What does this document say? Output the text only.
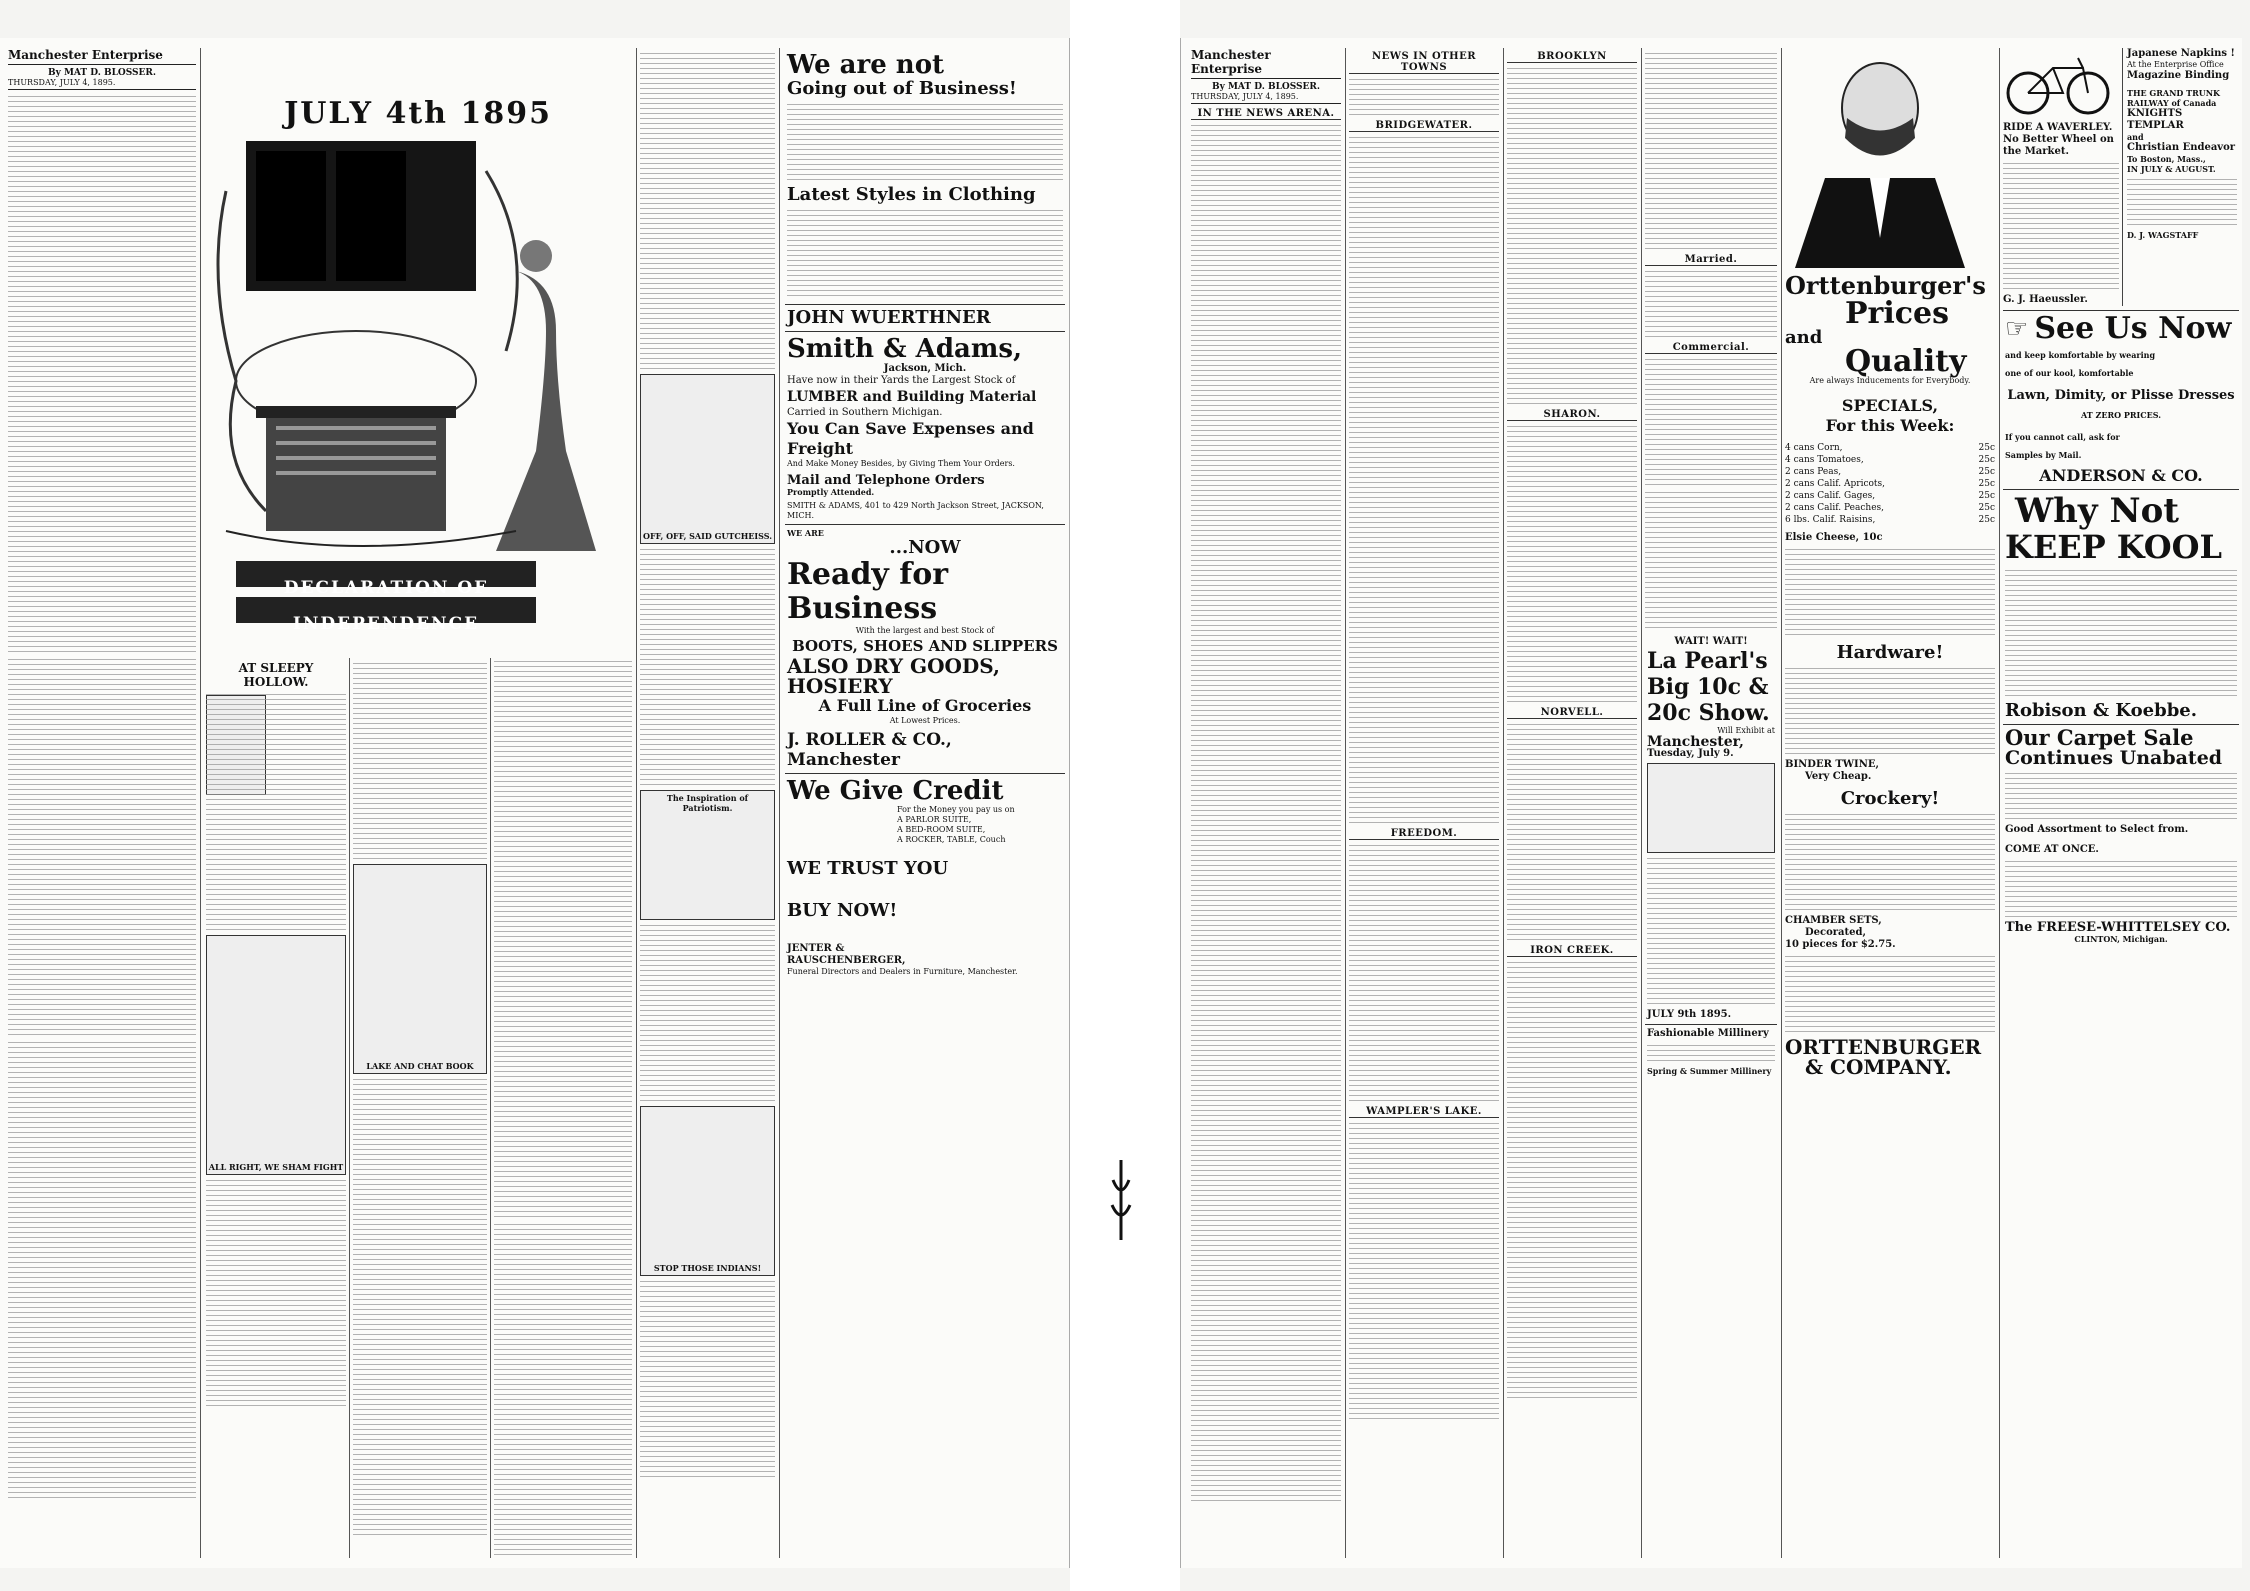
Manchester Enterprise
By MAT D. BLOSSER.
THURSDAY, JULY 4, 1895.
JULY 4th 1895
DECLARATION OF
INDEPENDENCE
AT SLEEPY HOLLOW.
ALL RIGHT, WE SHAM FIGHT
LAKE AND CHAT BOOK
OFF, OFF, SAID GUTCHEISS.
The Inspiration of Patriotism.
STOP THOSE INDIANS!
We are not
Going out of Business!
Latest Styles in Clothing
JOHN WUERTHNER
Smith & Adams,
Jackson, Mich.
Have now in their Yards the Largest Stock of
LUMBER and Building Material
Carried in Southern Michigan.
You Can Save Expenses and Freight
And Make Money Besides, by Giving Them Your Orders.
Mail and Telephone Orders
Promptly Attended.
SMITH & ADAMS, 401 to 429 North Jackson Street, JACKSON, MICH.
WE ARE
...NOW
Ready for Business
With the largest and best Stock of
BOOTS, SHOES AND SLIPPERS
ALSO DRY GOODS, HOSIERY
A Full Line of Groceries
At Lowest Prices.
J. ROLLER & CO., Manchester
We Give Credit
For the Money you pay us on
A PARLOR SUITE,
A BED-ROOM SUITE,
A ROCKER, TABLE, Couch
WE TRUST YOU
BUY NOW!
JENTER &
RAUSCHENBERGER,
Funeral Directors and Dealers in Furniture, Manchester.
Manchester Enterprise
By MAT D. BLOSSER.
THURSDAY, JULY 4, 1895.
IN THE NEWS ARENA.
NEWS IN OTHER TOWNS
BRIDGEWATER.
FREEDOM.
WAMPLER'S LAKE.
BROOKLYN
SHARON.
NORVELL.
IRON CREEK.
Married.
Commercial.
WAIT! WAIT!
La Pearl's Big 10c & 20c Show.
Will Exhibit at
Manchester,
Tuesday, July 9.
JULY 9th 1895.
Fashionable Millinery
Spring & Summer Millinery
Orttenburger's
Prices
and
Quality
Are always Inducements for Everybody.
SPECIALS,
For this Week:
4 cans Corn,	25c
4 cans Tomatoes,	25c
2 cans Peas,	25c
2 cans Calif. Apricots,	25c
2 cans Calif. Gages,	25c
2 cans Calif. Peaches,	25c
6 lbs. Calif. Raisins,	25c
Elsie Cheese, 10c
Hardware!
BINDER TWINE,
Very Cheap.
Crockery!
CHAMBER SETS,
Decorated,
10 pieces for $2.75.
ORTTENBURGER
& COMPANY.
RIDE A WAVERLEY.
No Better Wheel on the Market.
G. J. Haeussler.
Japanese Napkins !
At the Enterprise Office
Magazine Binding
THE GRAND TRUNK
RAILWAY of Canada
KNIGHTS TEMPLAR
and
Christian Endeavor
To Boston, Mass.,
IN JULY & AUGUST.
D. J. WAGSTAFF
☞ See Us Now
and keep komfortable by wearing
one of our kool, komfortable
Lawn, Dimity, or Plisse Dresses
AT ZERO PRICES.
If you cannot call, ask for
Samples by Mail.
ANDERSON & CO.
Why Not
KEEP KOOL
Robison & Koebbe.
Our Carpet Sale
Continues Unabated
Good Assortment to Select from.
COME AT ONCE.
The FREESE-WHITTELSEY CO.
CLINTON, Michigan.
